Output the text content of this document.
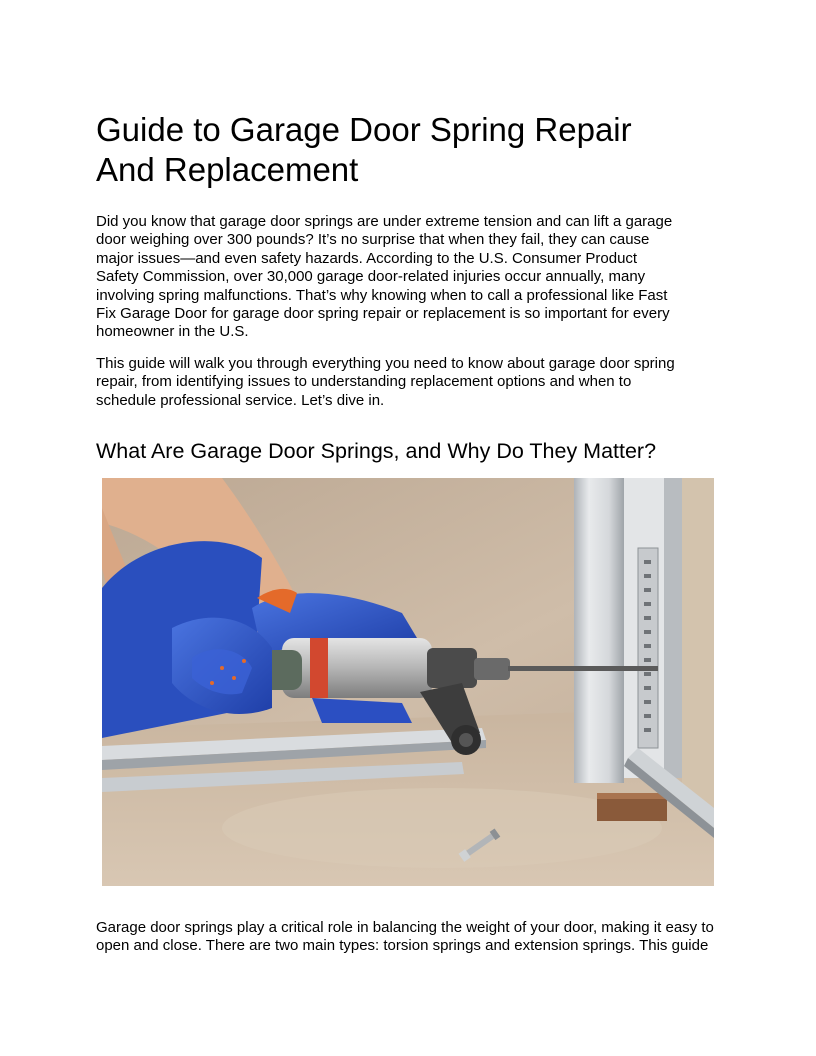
Guide to Garage Door Spring Repair
And Replacement

Did you know that garage door springs are under extreme tension and can lift a garage
door weighing over 300 pounds? It’s no surprise that when they fail, they can cause
major issues—and even safety hazards. According to the U.S. Consumer Product
Safety Commission, over 30,000 garage door-related injuries occur annually, many
involving spring malfunctions. That’s why knowing when to call a professional like Fast
Fix Garage Door for garage door spring repair or replacement is so important for every
homeowner in the U.S.

This guide will walk you through everything you need to know about garage door spring
repair, from identifying issues to understanding replacement options and when to
schedule professional service. Let’s dive in.

What Are Garage Door Springs, and Why Do They Matter?

Garage door springs play a critical role in balancing the weight of your door, making it easy to
open and close. There are two main types: torsion springs and extension springs. This guide
